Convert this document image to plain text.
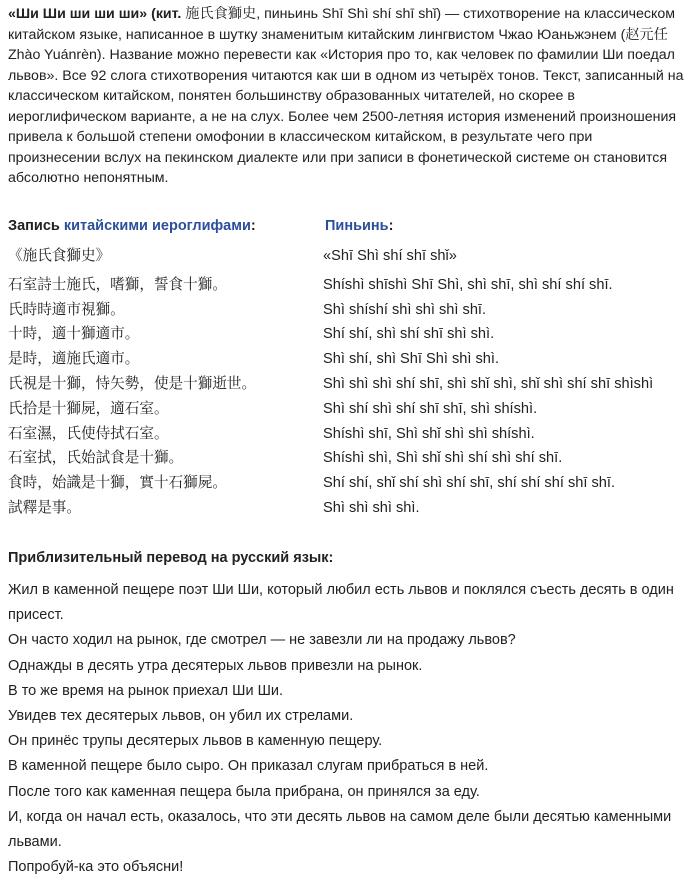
«Ши Ши ши ши ши» (кит. 施氏食獅史, пиньинь Shī Shì shí shī shǐ) — стихотворение на классическом китайском языке, написанное в шутку знаменитым китайским лингвистом Чжао Юаньжэнем (赵元任 Zhào Yuánrèn). Название можно перевести как «История про то, как человек по фамилии Ши поедал львов». Все 92 слога стихотворения читаются как ши в одном из четырёх тонов. Текст, записанный на классическом китайском, понятен большинству образованных читателей, но скорее в иероглифическом варианте, а не на слух. Более чем 2500-летняя история изменений произношения привела к большой степени омофонии в классическом китайском, в результате чего при произнесении вслух на пекинском диалекте или при записи в фонетической системе он становится абсолютно непонятным.
Запись китайскими иероглифами:	Пиньинь:
《施氏食獅史》
石室詩士施氏，嗜獅，誓食十獅。
氏時時適市視獅。
十時，適十獅適市。
是時，適施氏適市。
氏視是十獅，恃矢勢，使是十獅逝世。
氏拾是十獅屍，適石室。
石室濕，氏使侍拭石室。
石室拭，氏始試食是十獅。
食時，始識是十獅，實十石獅屍。
試釋是事。
«Shī Shì shí shī shǐ»
Shíshì shīshì Shī Shì, shì shī, shì shí shí shī.
Shì shíshí shì shì shì shī.
Shí shí, shì shí shī shì shì.
Shì shí, shì Shī Shì shì shì.
Shì shì shì shí shī, shì shǐ shì, shǐ shì shí shī shìshì
Shì shí shì shí shī shī, shì shíshì.
Shíshì shī, Shì shǐ shì shì shíshì.
Shíshì shì, Shì shǐ shì shí shì shí shī.
Shí shí, shǐ shí shì shí shī, shí shí shí shī shī.
Shì shì shì shì.
Приблизительный перевод на русский язык:
Жил в каменной пещере поэт Ши Ши, который любил есть львов и поклялся съесть десять в один присест.
Он часто ходил на рынок, где смотрел — не завезли ли на продажу львов?
Однажды в десять утра десятерых львов привезли на рынок.
В то же время на рынок приехал Ши Ши.
Увидев тех десятерых львов, он убил их стрелами.
Он принёс трупы десятерых львов в каменную пещеру.
В каменной пещере было сыро. Он приказал слугам прибраться в ней.
После того как каменная пещера была прибрана, он принялся за еду.
И, когда он начал есть, оказалось, что эти десять львов на самом деле были десятью каменными львами.
Попробуй-ка это объясни!
